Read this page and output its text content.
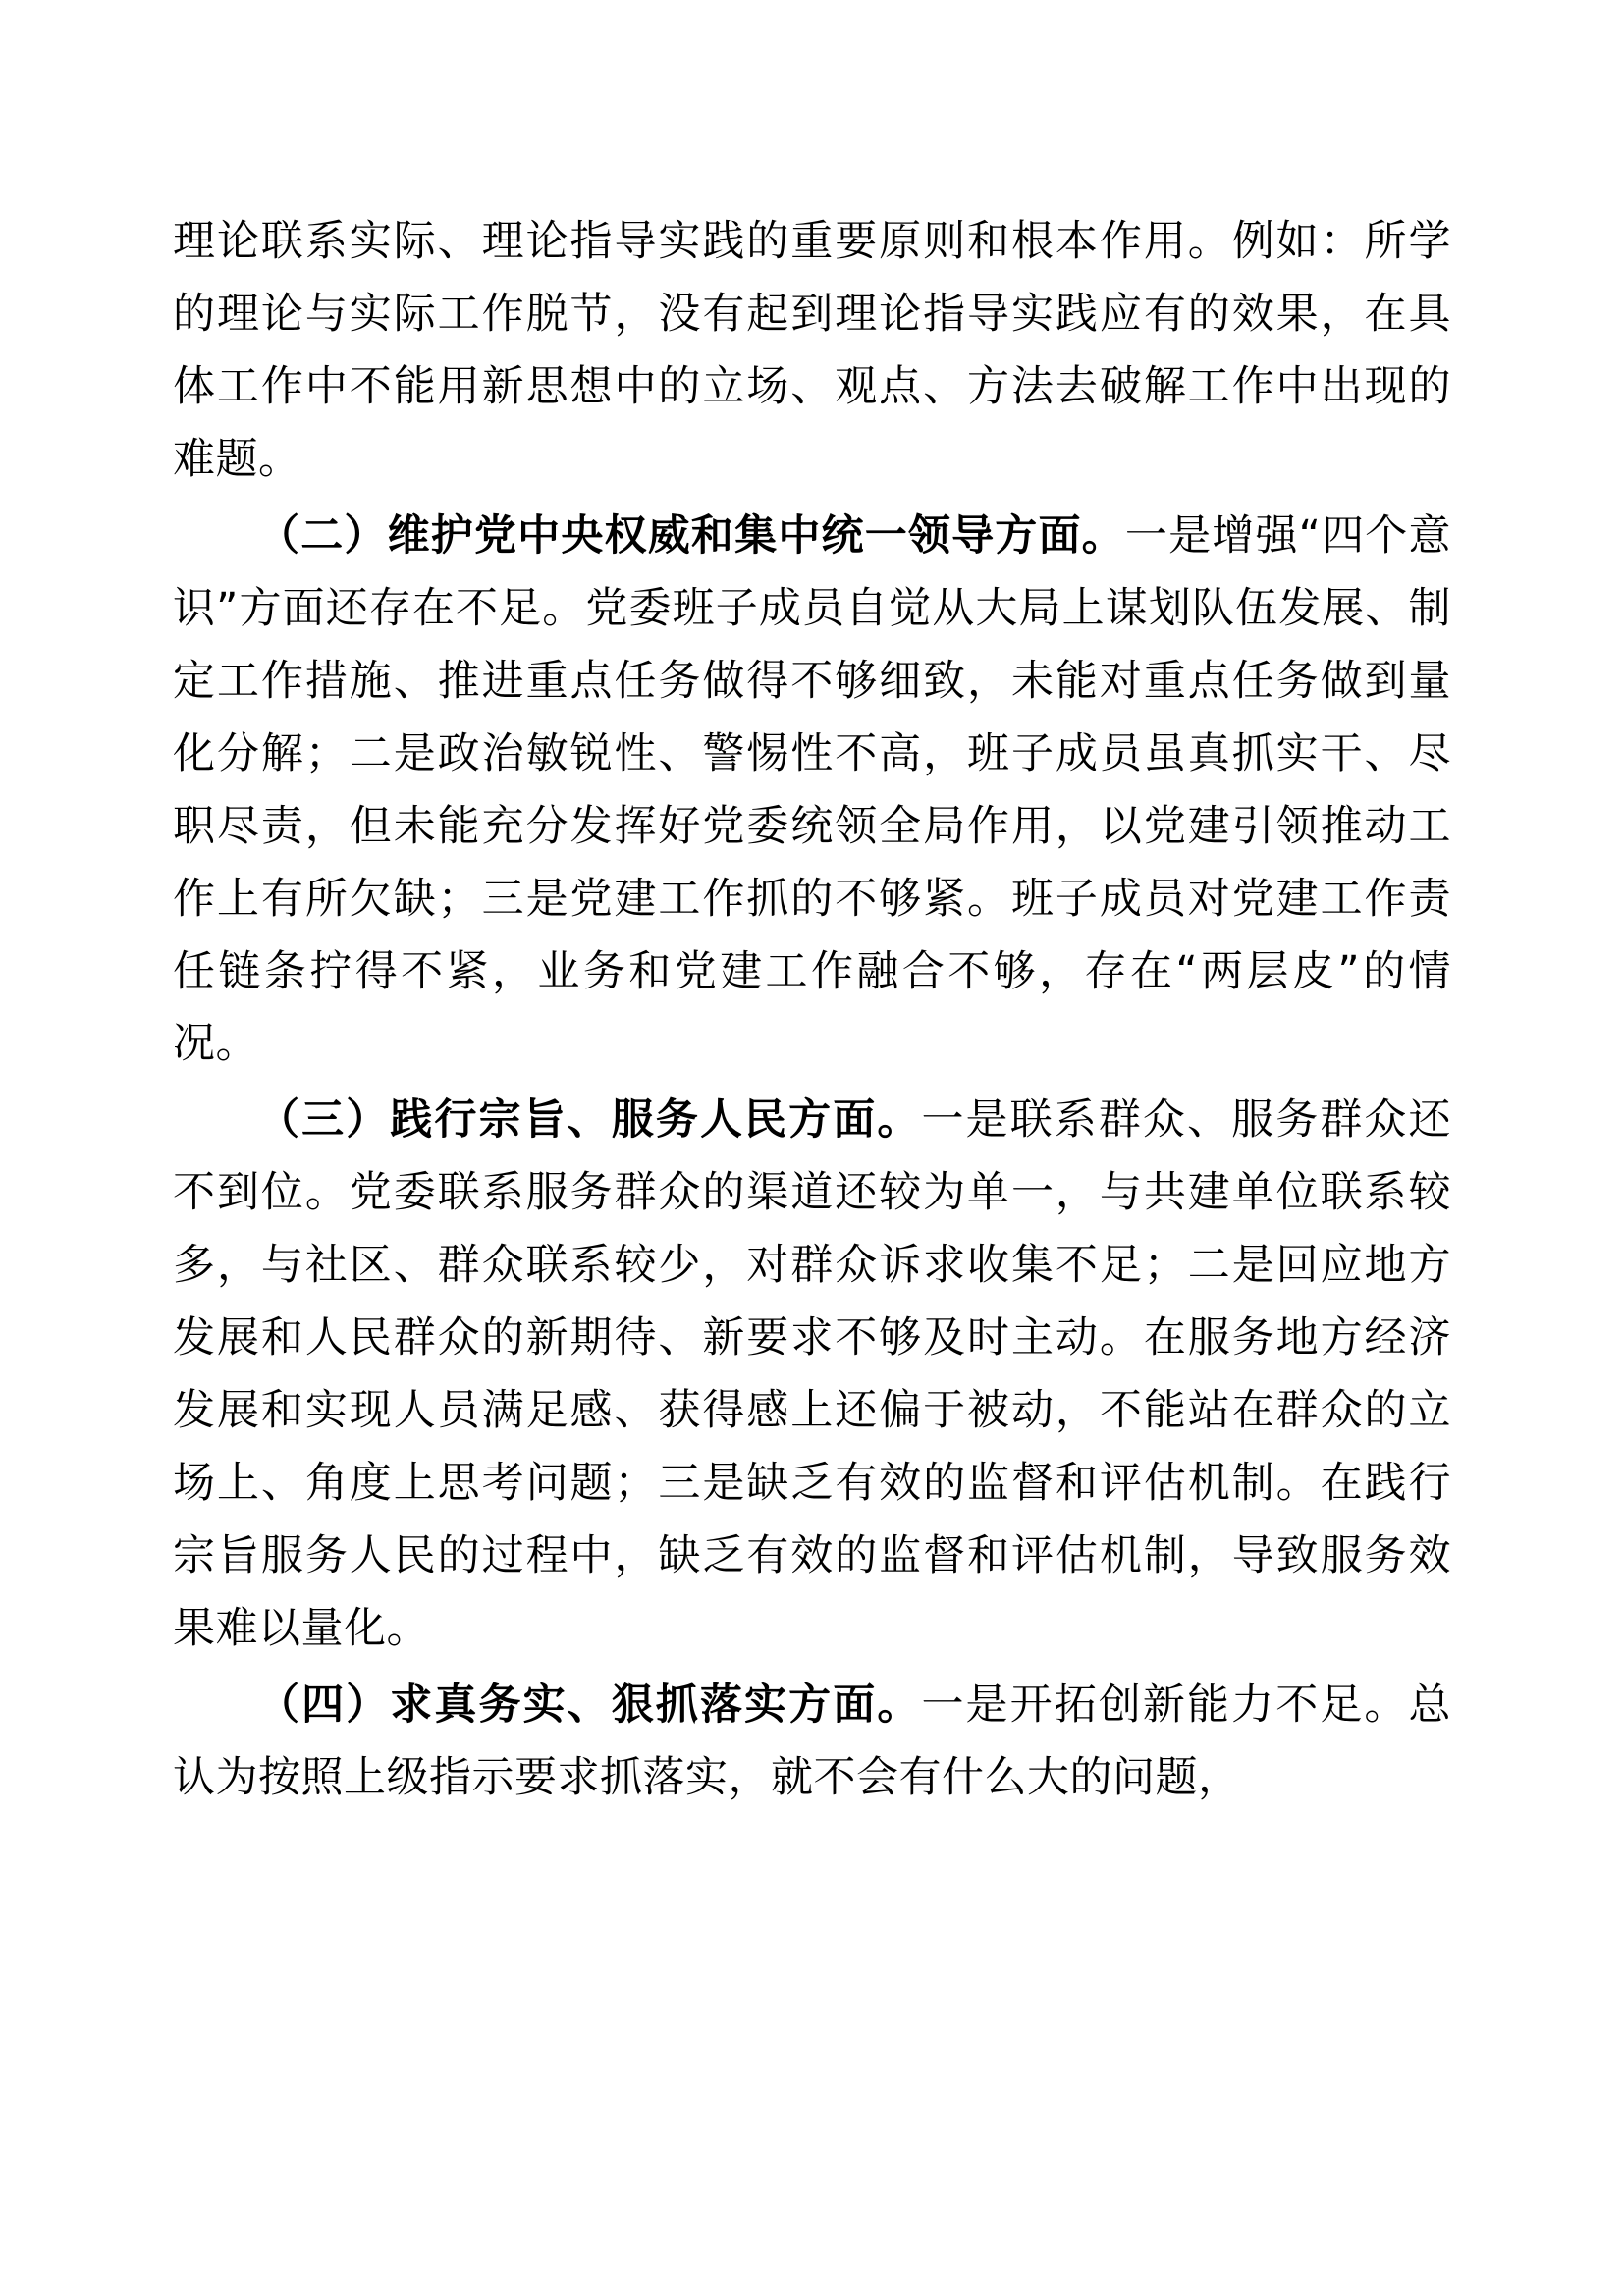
理论联系实际、理论指导实践的重要原则和根本作用。例如：所学的理论与实际工作脱节，没有起到理论指导实践应有的效果，在具体工作中不能用新思想中的立场、观点、方法去破解工作中出现的难题。

（二）维护党中央权威和集中统一领导方面。一是增强“四个意识”方面还存在不足。党委班子成员自觉从大局上谋划队伍发展、制定工作措施、推进重点任务做得不够细致，未能对重点任务做到量化分解；二是政治敏锐性、警惕性不高，班子成员虽真抓实干、尽职尽责，但未能充分发挥好党委统领全局作用，以党建引领推动工作上有所欠缺；三是党建工作抓的不够紧。班子成员对党建工作责任链条拧得不紧，业务和党建工作融合不够，存在“两层皮”的情况。

（三）践行宗旨、服务人民方面。一是联系群众、服务群众还不到位。党委联系服务群众的渠道还较为单一，与共建单位联系较多，与社区、群众联系较少，对群众诉求收集不足；二是回应地方发展和人民群众的新期待、新要求不够及时主动。在服务地方经济发展和实现人员满足感、获得感上还偏于被动，不能站在群众的立场上、角度上思考问题；三是缺乏有效的监督和评估机制。在践行宗旨服务人民的过程中，缺乏有效的监督和评估机制，导致服务效果难以量化。

（四）求真务实、狠抓落实方面。一是开拓创新能力不足。总认为按照上级指示要求抓落实，就不会有什么大的问题，
